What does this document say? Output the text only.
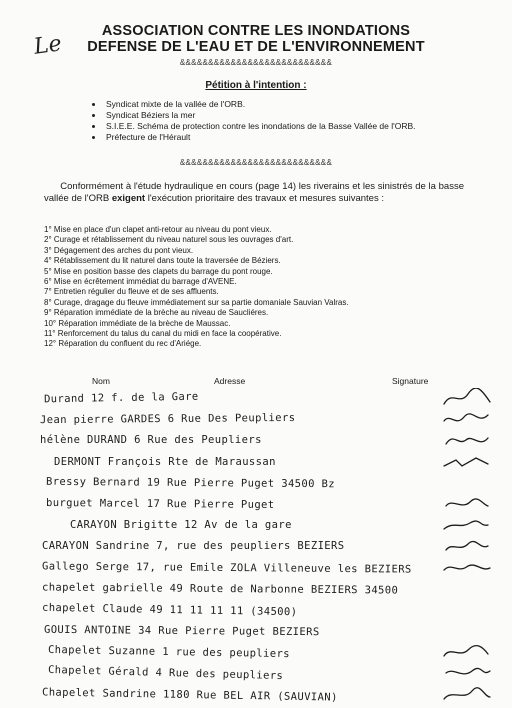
Le
ASSOCIATION CONTRE LES INONDATIONS
DEFENSE DE L'EAU ET DE L'ENVIRONNEMENT
&&&&&&&&&&&&&&&&&&&&&&&&&&&
Pétition à l'intention :
Syndicat mixte de la vallée de l'ORB.
Syndicat Béziers la mer
S.I.E.E. Schéma de protection contre les inondations de la Basse Vallée de l'ORB.
Préfecture de l'Hérault
&&&&&&&&&&&&&&&&&&&&&&&&&&&
Conformément à l'étude hydraulique en cours (page 14) les riverains et les sinistrés de la basse vallée de l'ORB exigent l'exécution prioritaire des travaux et mesures suivantes :
1° Mise en place d'un clapet anti-retour au niveau du pont vieux.
2° Curage et rétablissement du niveau naturel sous les ouvrages d'art.
3° Dégagement des arches du pont vieux.
4° Rétablissement du lit naturel dans toute la traversée de Béziers.
5° Mise en position basse des clapets du barrage du pont rouge.
6° Mise en écrêtement immédiat du barrage d'AVENE.
7° Entretien régulier du fleuve et de ses affluents.
8° Curage, dragage du fleuve immédiatement sur sa partie domaniale Sauvian Valras.
9° Réparation immédiate de la brèche au niveau de Saucliéres.
10° Réparation immédiate de la brèche de Maussac.
11° Renforcement du talus du canal du midi en face la coopérative.
12° Réparation du confluent du rec d'Ariége.
Nom	Adresse	Signature
Durand 12 f. de la Gare
Jean pierre GARDES 6 Rue Des Peupliers
hélène DURAND 6 Rue des Peupliers
DERMONT François Rte de Maraussan
Bressy Bernard 19 Rue Pierre Puget 34500 Bz
burguet Marcel 17 Rue Pierre Puget
CARAYON Brigitte 12 Av de la gare
CARAYON Sandrine 7, rue des peupliers BEZIERS
Gallego Serge 17, rue Emile ZOLA Villeneuve les BEZIERS
chapelet gabrielle 49 Route de Narbonne BEZIERS 34500
chapelet Claude 49 11 11 11 11 (34500)
GOUIS ANTOINE 34 Rue Pierre Puget BEZIERS
Chapelet Suzanne 1 rue des peupliers
Chapelet Gérald 4 Rue des peupliers
Chapelet Sandrine 1180 Rue BEL AIR (SAUVIAN)
